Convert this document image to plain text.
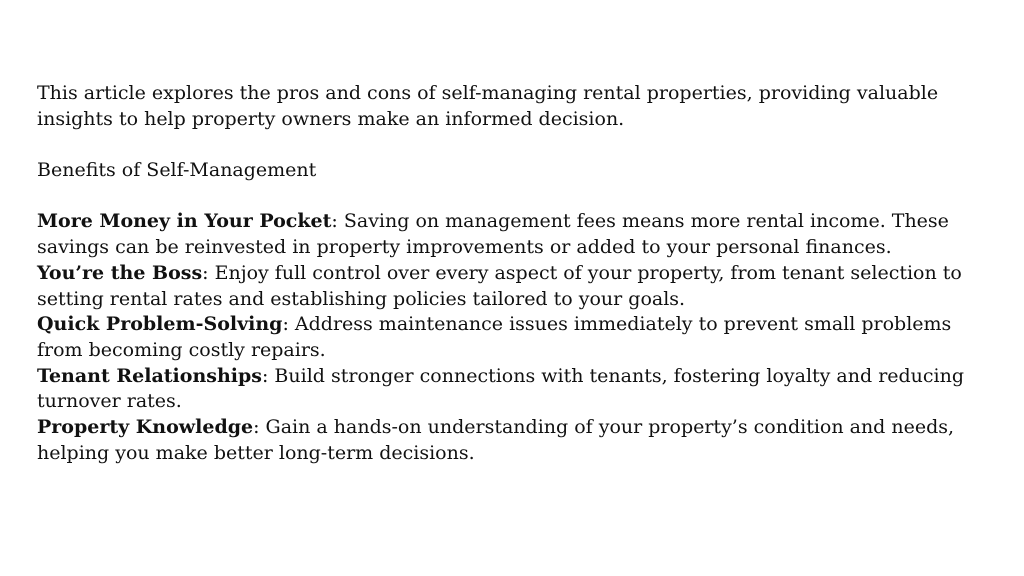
This article explores the pros and cons of self-managing rental properties, providing valuable insights to help property owners make an informed decision.

Benefits of Self-Management

More Money in Your Pocket: Saving on management fees means more rental income. These savings can be reinvested in property improvements or added to your personal finances.

You’re the Boss: Enjoy full control over every aspect of your property, from tenant selection to setting rental rates and establishing policies tailored to your goals.

Quick Problem-Solving: Address maintenance issues immediately to prevent small problems from becoming costly repairs.

Tenant Relationships: Build stronger connections with tenants, fostering loyalty and reducing turnover rates.

Property Knowledge: Gain a hands-on understanding of your property’s condition and needs, helping you make better long-term decisions.
